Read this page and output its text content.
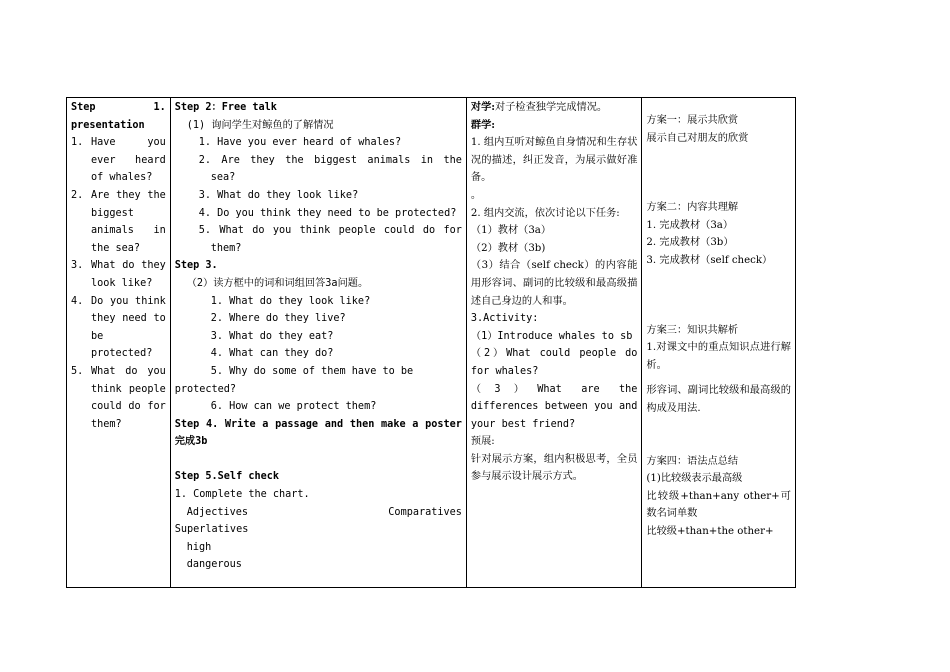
Step	1.
presentation
1. Have you
ever heard
of whales?
2. Are they the
biggest
animals in
the sea?
3. What do they
look like?
4. Do you think
they need to
be
protected?
5. What do you
think people
could do for
them?
Step 2：Free talk
(1) 询问学生对鲸鱼的了解情况
1. Have you ever heard of whales?
2. Are they the biggest animals in the
sea?
3. What do they look like?
4. Do you think they need to be protected?
5. What do you think people could do for
them?
Step 3.
（2）读方框中的词和词组回答3a问题。
1. What do they look like?
2. Where do they live?
3. What do they eat?
4. What can they do?
5. Why do some of them have to be
protected?
6. How can we protect them?
Step 4. Write a passage and then make a poster
完成3b
Step 5.Self check
1. Complete the chart.
Adjectives	Comparatives
Superlatives
high
dangerous
对学:对子检查独学完成情况。
群学:
1. 组内互听对鲸鱼自身情况和生存状况的描述，纠正发音，为展示做好准备。
。
2. 组内交流，依次讨论以下任务:
（1）教材（3a）
（2）教材（3b)
（3）结合（self check）的内容能用形容词、副词的比较级和最高级描述自己身边的人和事。
3.Activity:
（1）Introduce whales to sb
（2）What could people do for whales?
（3）What are the differences between you and your best friend?
预展:
针对展示方案，组内积极思考，全员参与展示设计展示方式。
方案一：展示共欣赏
展示自己对朋友的欣赏
方案二：内容共理解
1. 完成教材（3a）
2. 完成教材（3b）
3. 完成教材（self check）
方案三：知识共解析
1.对课文中的重点知识点进行解析。
形容词、副词比较级和最高级的构成及用法.
方案四：语法点总结
(1)比较级表示最高级
比较级+than+any other+可数名词单数
比较级+than+the other+
